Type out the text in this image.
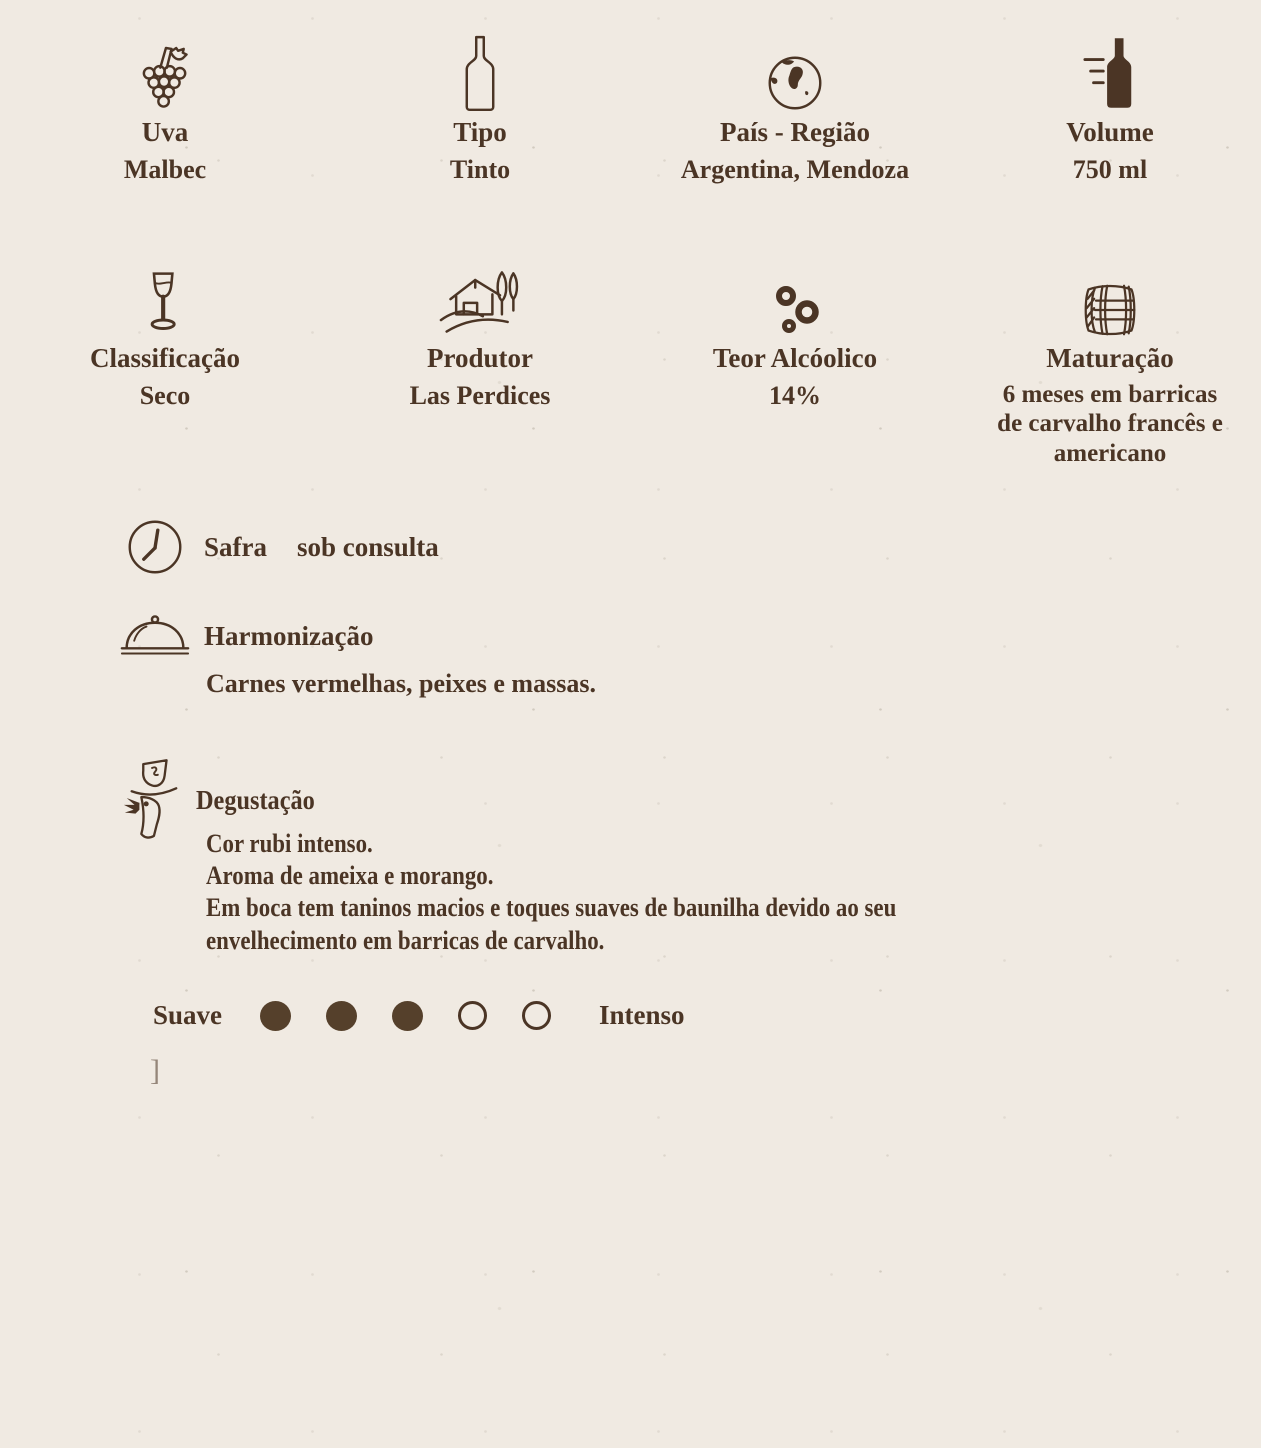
Uva
Malbec
Tipo
Tinto
País - Região
Argentina, Mendoza
Volume
750 ml
Classificação
Seco
Produtor
Las Perdices
Teor Alcóolico
14%
Maturação
6 meses em barricas de carvalho francês e americano
Safra sob consulta
Harmonização
Carnes vermelhas, peixes e massas.
Degustação

Cor rubi intenso.

Aroma de ameixa e morango.

Em boca tem taninos macios e toques suaves de baunilha devido ao seu envelhecimento em barricas de carvalho.

Suave	Intenso
]
